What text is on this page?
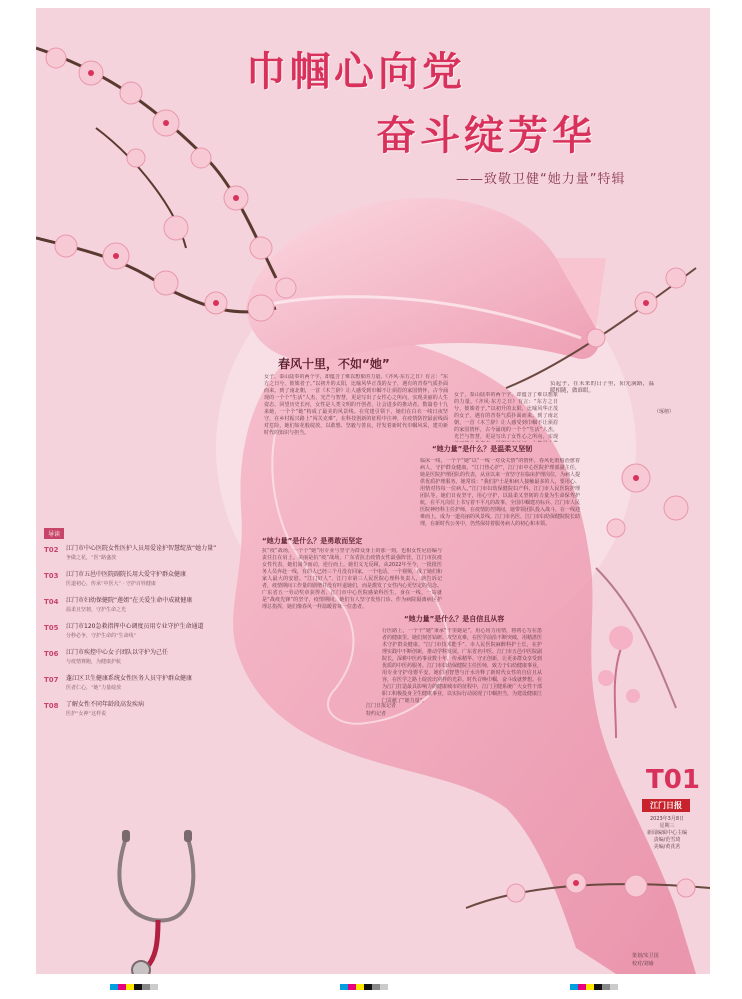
巾帼心向党
奋斗绽芳华
——致敬卫健“她力量”特辑
春风十里，不如“她”
女子，泰山陆奉的两个字，却蕴含了难以想象的力量。《齐风·东方之日》有言：“东方之日兮，彼姝者子。”以初升的太阳，比喻风华正茂的女子，遇有的青春气质扑面而来。到了南北朝，一首《木兰辞》让人感受到巾帼不让须眉的家国情怀，古今涌现的一个个“生活”人杰，光芒与智慧，更是写出了女性心之所向，实现美丽的人生姿态。回望历史长河，女性是人类文明的开创者，让会进步的推动者。数篇卷十九来她，一个个“她”构成了最美的风景线。在党建引领下，她们在白衣一线日夜坚守，在乡村振兴路上“闯关克难”，在科技创新的征程中注神，在疫情防控最前线面对危险，她们如花般绽放，以敢想、坚毅与善良，抒发着新时代巾帼风采，建功新时代的知识与担当。
“她力量”是什么？是勇敢而坚定
抗“疫”战场，一个个“她”用专业与坚守为群众身上的那一刻，也相女性尼俗编与责任扛在肩上。美丽是抗“疫”战场，广东省抗击疫情女性最强阵营，江门市抗疫女性代表，她们闻令而动，逆行而上。她们义无反顾，从2022年至今，一批批医务人员奔赴一线，有的人已经三个月没有回家，一个电话、一个视频，成了她们和家人最大的安慰。“江门好人”、江门市第三人民医院心理科负责人，她告诉记者，疫情期间工作量的剧增并没有吓退她们，而是激发了女性内心更坚定的信念。广东省五一劳动奖章获得者、江门市中心医院感染科医生，身在一线，一站就是“战疫先锋”的坚守，疫情期间，她们有人坚守发热门诊、作为病院隔离病区护理总指挥，她们像春风一样温暖着每一位患者。
江门日报记者
特约记者
女子，泰山陆奉的两个字，却蕴含了难以想象的力量。《齐风·东方之日》有言：“东方之日兮，彼姝者子。”以初升的太阳，比喻风华正茂的女子，遇有的青春气质扑面而来。到了南北朝，一首《木兰辞》让人感受到巾帼不让须眉的家国情怀，古今涌现的一个个“生活”人杰，光芒与智慧，更是写出了女性心之所向，实现
“她力量”是什么？是温柔又坚韧
临床一线，一个个“她”以“一线一对众关情”的情怀，春风化雨般治愈着病人，守护群众健康。“江门热心护”，江门市中心医院护理部副主任，她是医院护理团队的代表，从业以来一直坚守在临床护理岗位，为病人提供优质护理服务。她常说：“我们护士是和病人接触最多的人，要用心、用情对待每一位病人。”江门市妇幼保健院妇产科、江门市人民医院护理团队等，她们日夜坚守，用心守护，以温柔又坚韧的力量为生命保驾护航，在平凡岗位上书写着不平凡的故事。全国巾帼建功标兵、江门市人民医院神经科主任护师，在疫情防控期间，她带领团队投入战斗，在一线迎难而上，成为一道亮丽的风景线。江门市名医、江门市妇幼保健院院长助理，在新时代公务中，仍然保持着服务病人的初心和本领。
“她力量”是什么？是自信且从容
行医路上，一个个“她”秉承“干里她是”，用心用力用情，将初心写在患者的健康里。她们刻苦钻研、攻坚克难，在医学前沿不断突破，用精湛医术守护群众健康。“江门市技术能手”、市人民医院麻醉科护士长，在护理实践中不断创新，推动学科发展。广东省名中医、江门市五邑中医院副院长，深耕中医药事业数十年，传承精华、守正创新，让更多群众享受到优质的中医药服务。江门市妇幼保健院主任医师，致力于妇幼健康事业，用专业守护母婴平安。她们用智慧与汗水诠释了新时代女性的自信且从容，在医学之路上绽放出别样的光彩。时代召唤巾帼，奋斗成就梦想。在为江门打造最具影响力的健康城市的征程中，江门卫健系统广大女性干部职工积极投身卫生健康事业，以实际行动展现了巾帼担当，为建设健康江门贡献了“她力量”。
负起乎，在未来的日子里，阳光满路，温暖相随，做谁眼。
（琢榕）
导读
T02 江门市中心医院女性医护人员用爱诠护智慧绽放“她力量”
争做之花，“医”路盛放
T03 江门市五邑中医院副院长用大爱守护群众健康
医道初心，传承“中医大” · 守护百姓健康
T04 江门市妇幼保健院“莲姐”在关爱生命中成就健康
温柔且坚韧，守护生命之光
T05 江门市120急救指挥中心调度员用专业守护生命通道
分秒必争，守护生命的“生命线”
T06 江门市疾控中心女子团队以守护为己任
与疫情赛跑，为健康护航
T07 蓬江区卫生健康系统女性医务人员守护群众健康
医者仁心，“她”力量绽放
T08 了解女性不同年龄段高发疾病
医护“女神”这样说
T01
江门日报
2023年3月8日
星期三
新闻编辑中心主编
责编/范雪琦
美编/黄芪茗
策划/朱卫国
校对/刘瑜
